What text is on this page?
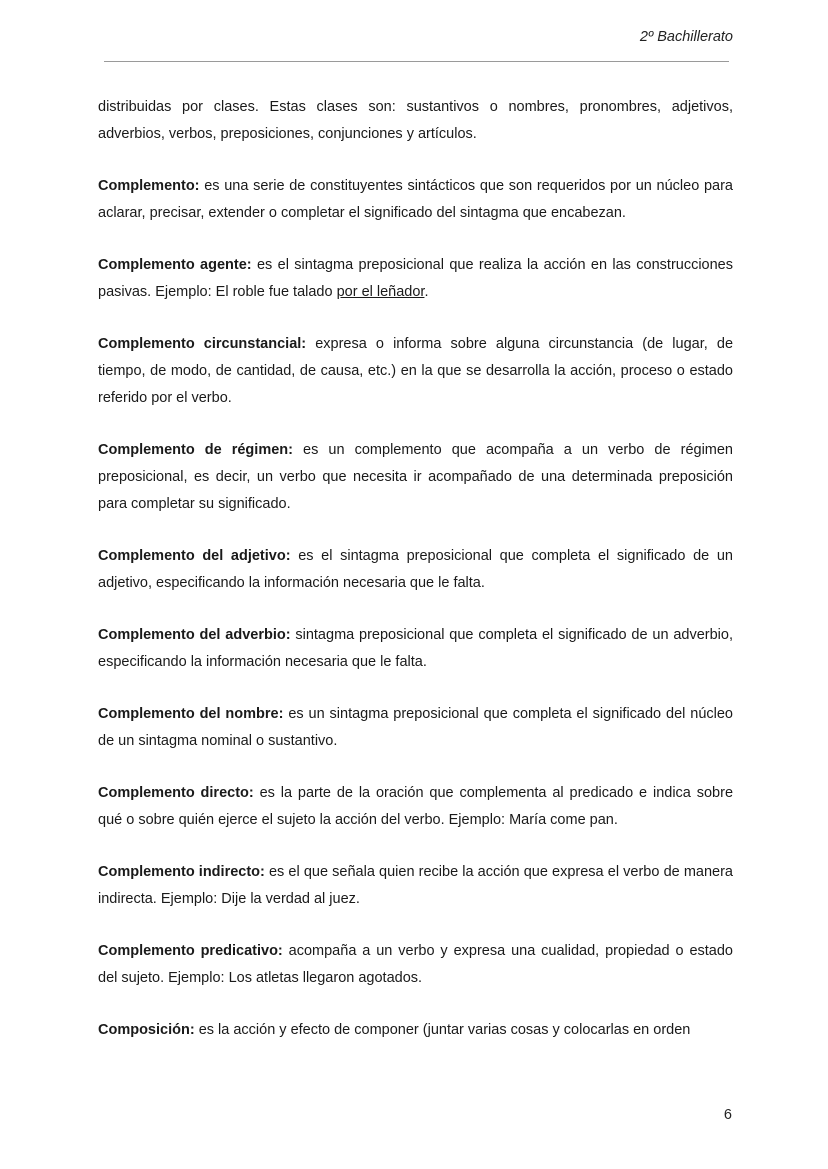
2º Bachillerato

distribuidas por clases. Estas clases son: sustantivos o nombres, pronombres, adjetivos, adverbios, verbos, preposiciones, conjunciones y artículos.

Complemento: es una serie de constituyentes sintácticos que son requeridos por un núcleo para aclarar, precisar, extender o completar el significado del sintagma que encabezan.

Complemento agente: es el sintagma preposicional que realiza la acción en las construcciones pasivas. Ejemplo: El roble fue talado por el leñador.

Complemento circunstancial: expresa o informa sobre alguna circunstancia (de lugar, de tiempo, de modo, de cantidad, de causa, etc.) en la que se desarrolla la acción, proceso o estado referido por el verbo.

Complemento de régimen: es un complemento que acompaña a un verbo de régimen preposicional, es decir, un verbo que necesita ir acompañado de una determinada preposición para completar su significado.

Complemento del adjetivo: es el sintagma preposicional que completa el significado de un adjetivo, especificando la información necesaria que le falta.

Complemento del adverbio: sintagma preposicional que completa el significado de un adverbio, especificando la información necesaria que le falta.

Complemento del nombre: es un sintagma preposicional que completa el significado del núcleo de un sintagma nominal o sustantivo.

Complemento directo: es la parte de la oración que complementa al predicado e indica sobre qué o sobre quién ejerce el sujeto la acción del verbo. Ejemplo: María come pan.

Complemento indirecto: es el que señala quien recibe la acción que expresa el verbo de manera indirecta. Ejemplo: Dije la verdad al juez.

Complemento predicativo: acompaña a un verbo y expresa una cualidad, propiedad o estado del sujeto. Ejemplo: Los atletas llegaron agotados.

Composición: es la acción y efecto de componer (juntar varias cosas y colocarlas en orden

6
